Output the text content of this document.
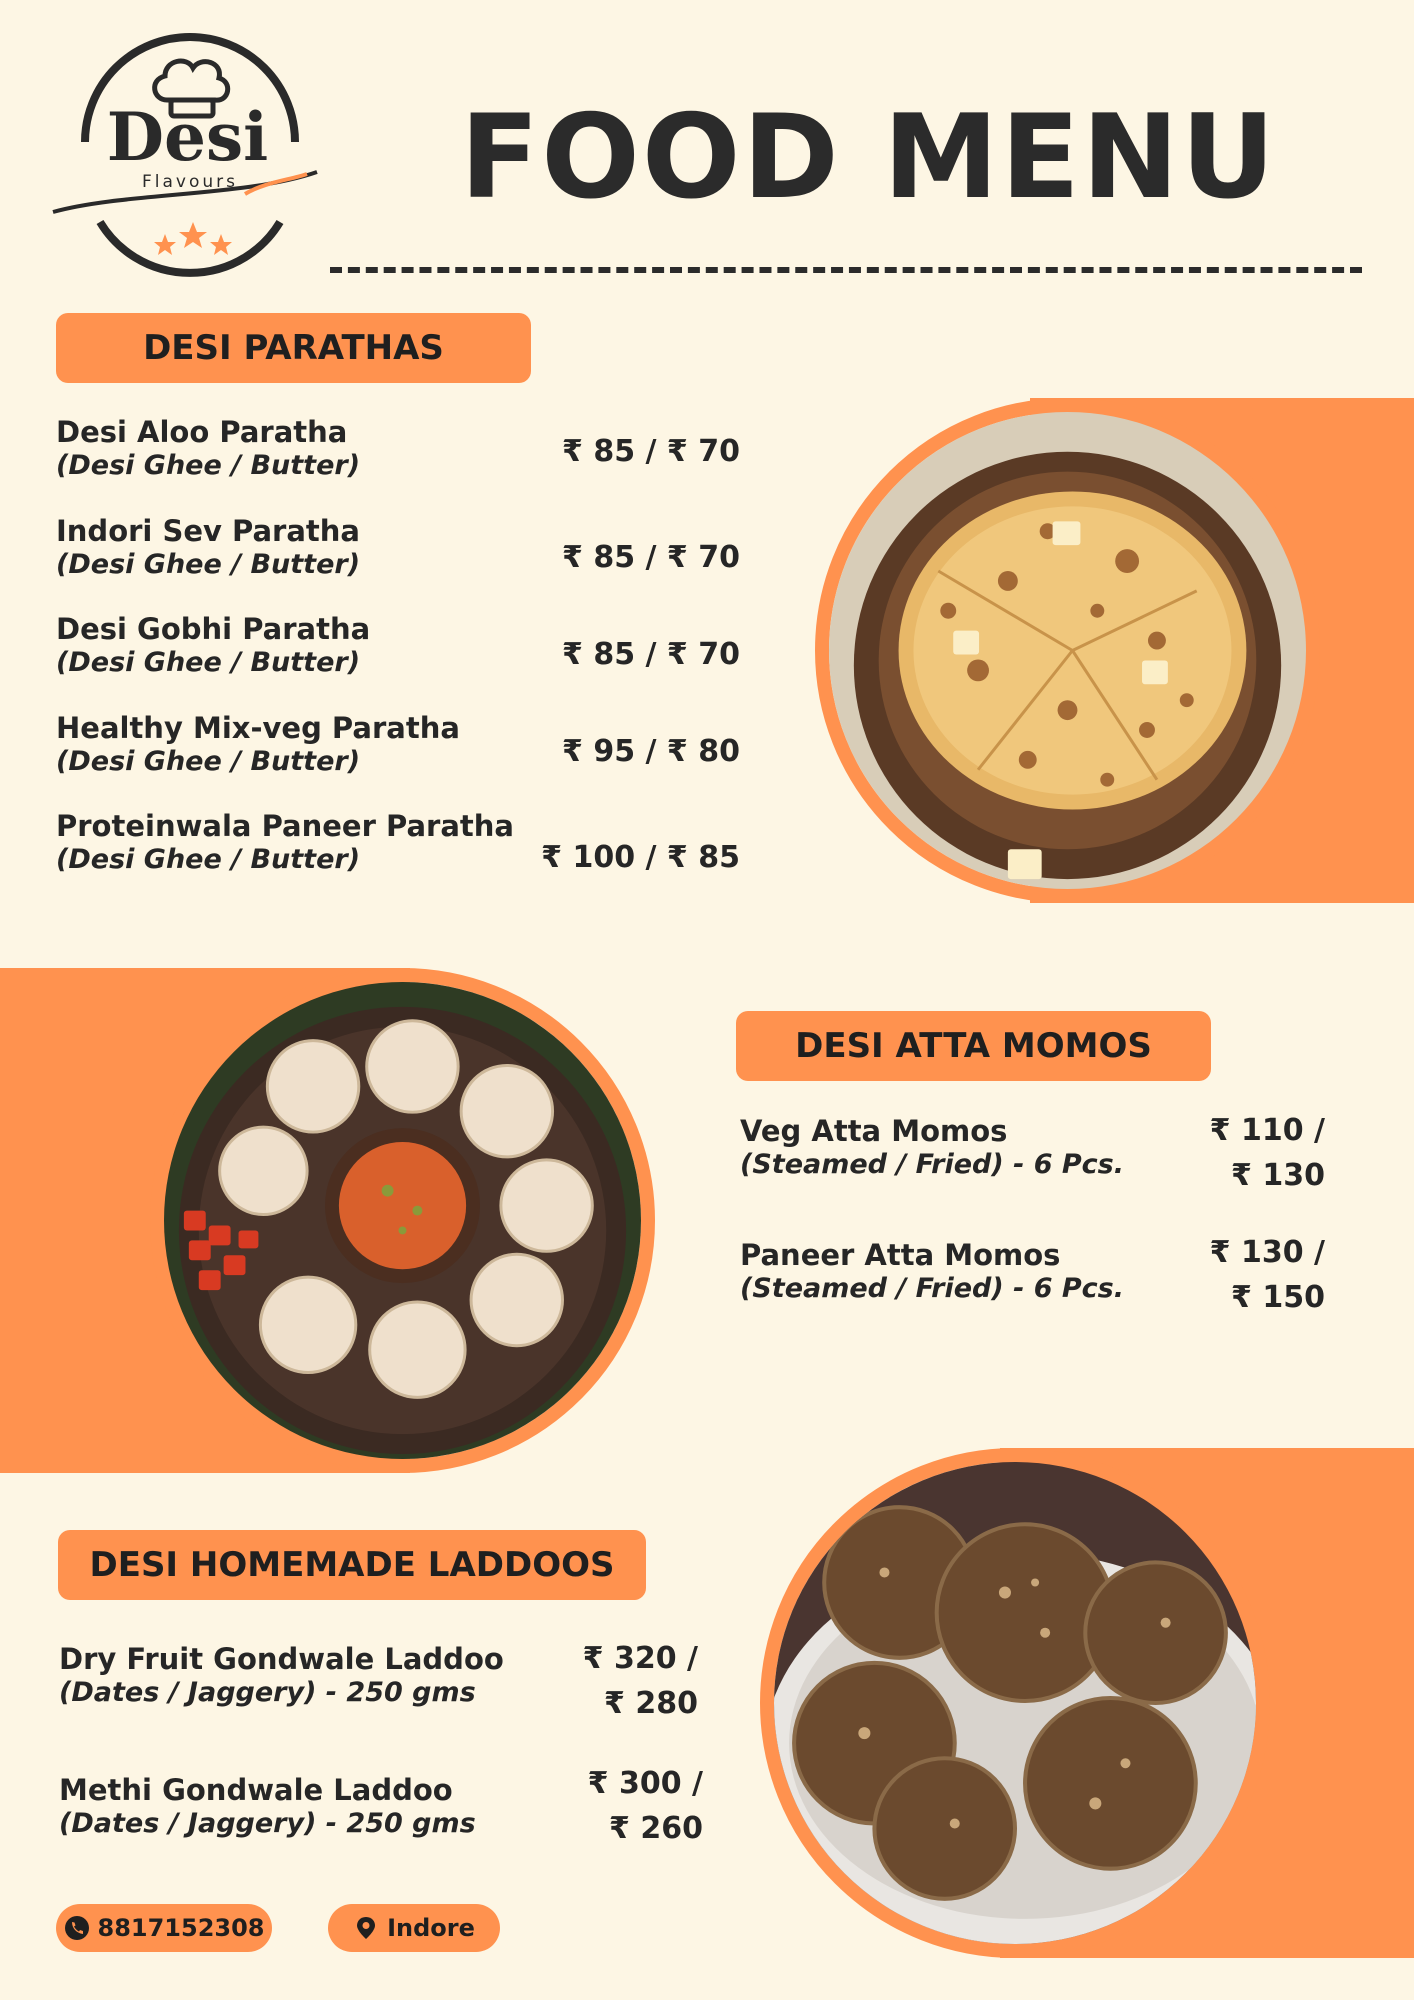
Desi
Flavours FOOD MENU
DESI PARATHAS
Desi Aloo Paratha
(Desi Ghee / Butter)	₹ 85 / ₹ 70
Indori Sev Paratha
(Desi Ghee / Butter)	₹ 85 / ₹ 70
Desi Gobhi Paratha
(Desi Ghee / Butter)	₹ 85 / ₹ 70
Healthy Mix-veg Paratha
(Desi Ghee / Butter)	₹ 95 / ₹ 80
Proteinwala Paneer Paratha
(Desi Ghee / Butter)	₹ 100 / ₹ 85
DESI ATTA MOMOS
Veg Atta Momos
(Steamed / Fried) - 6 Pcs.
₹ 110 /
₹ 130
Paneer Atta Momos
(Steamed / Fried) - 6 Pcs.
₹ 130 /
₹ 150
DESI HOMEMADE LADDOOS
Dry Fruit Gondwale Laddoo
(Dates / Jaggery) - 250 gms
₹ 320 /
₹ 280
Methi Gondwale Laddoo
(Dates / Jaggery) - 250 gms
₹ 300 /
₹ 260
8817152308	Indore
